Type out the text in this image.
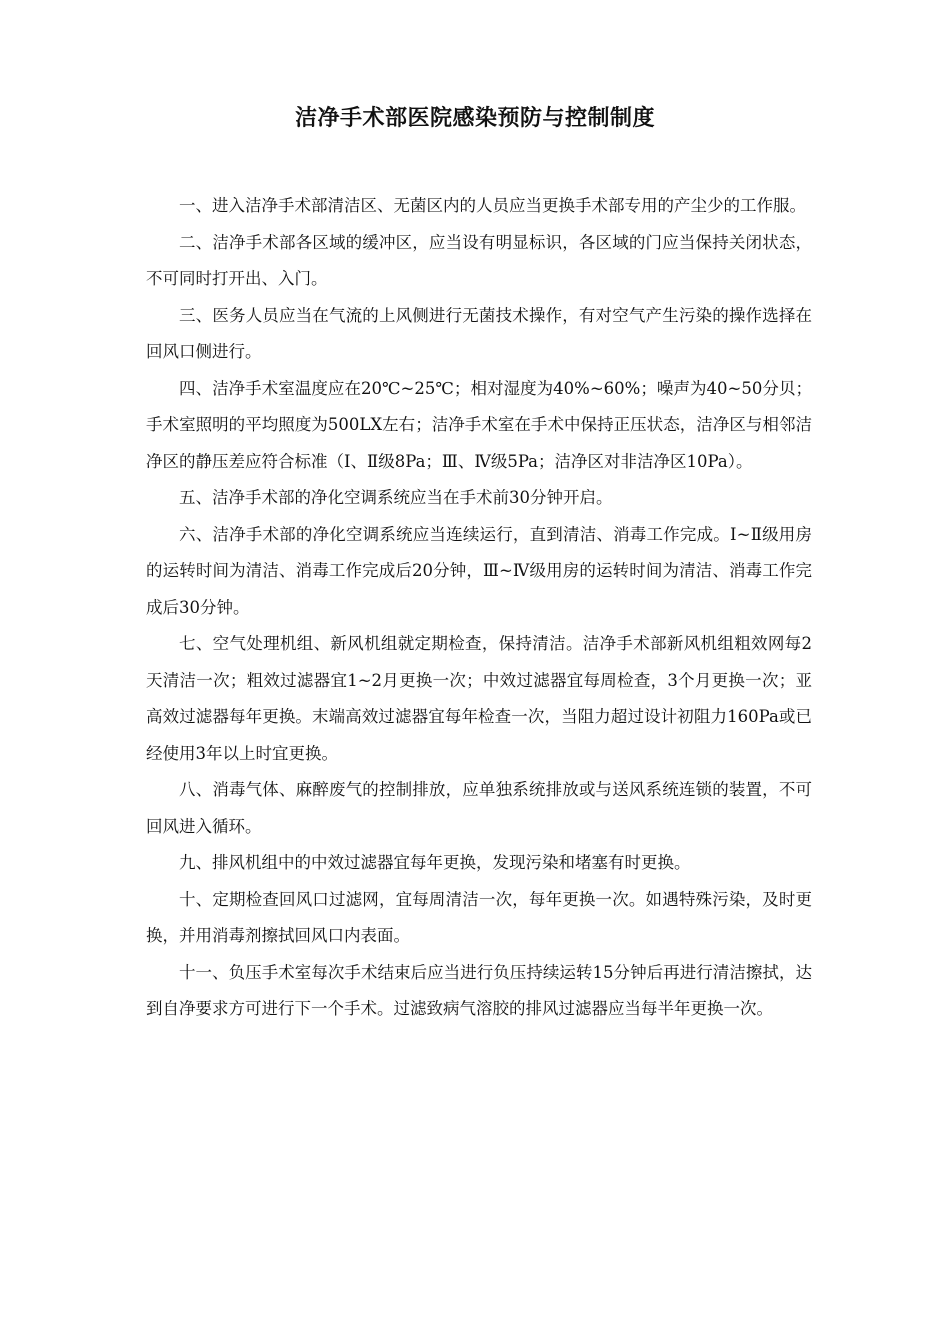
洁净手术部医院感染预防与控制制度

一、进入洁净手术部清洁区、无菌区内的人员应当更换手术部专用的产尘少的工作服。

二、洁净手术部各区域的缓冲区，应当设有明显标识，各区域的门应当保持关闭状态，不可同时打开出、入门。

三、医务人员应当在气流的上风侧进行无菌技术操作，有对空气产生污染的操作选择在回风口侧进行。

四、洁净手术室温度应在20℃~25℃；相对湿度为40%~60%；噪声为40~50分贝；手术室照明的平均照度为500LX左右；洁净手术室在手术中保持正压状态，洁净区与相邻洁净区的静压差应符合标准（Ⅰ、Ⅱ级8Pa；Ⅲ、Ⅳ级5Pa；洁净区对非洁净区10Pa）。

五、洁净手术部的净化空调系统应当在手术前30分钟开启。

六、洁净手术部的净化空调系统应当连续运行，直到清洁、消毒工作完成。Ⅰ~Ⅱ级用房的运转时间为清洁、消毒工作完成后20分钟，Ⅲ~Ⅳ级用房的运转时间为清洁、消毒工作完成后30分钟。

七、空气处理机组、新风机组就定期检查，保持清洁。洁净手术部新风机组粗效网每2天清洁一次；粗效过滤器宜1~2月更换一次；中效过滤器宜每周检查，3个月更换一次；亚高效过滤器每年更换。末端高效过滤器宜每年检查一次，当阻力超过设计初阻力160Pa或已经使用3年以上时宜更换。

八、消毒气体、麻醉废气的控制排放，应单独系统排放或与送风系统连锁的装置，不可回风进入循环。

九、排风机组中的中效过滤器宜每年更换，发现污染和堵塞有时更换。

十、定期检查回风口过滤网，宜每周清洁一次，每年更换一次。如遇特殊污染，及时更换，并用消毒剂擦拭回风口内表面。

十一、负压手术室每次手术结束后应当进行负压持续运转15分钟后再进行清洁擦拭，达到自净要求方可进行下一个手术。过滤致病气溶胶的排风过滤器应当每半年更换一次。
